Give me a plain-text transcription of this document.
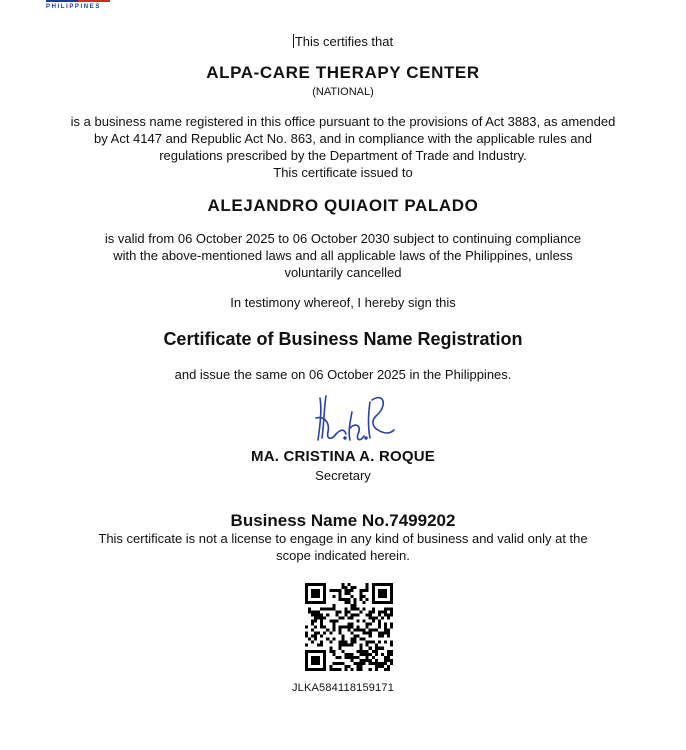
PHILIPPINES
This certifies that
ALPA-CARE THERAPY CENTER
(NATIONAL)
is a business name registered in this office pursuant to the provisions of Act 3883, as amended
by Act 4147 and Republic Act No. 863, and in compliance with the applicable rules and
regulations prescribed by the Department of Trade and Industry.
This certificate issued to
ALEJANDRO QUIAOIT PALADO
is valid from 06 October 2025 to 06 October 2030 subject to continuing compliance
with the above-mentioned laws and all applicable laws of the Philippines, unless
voluntarily cancelled
In testimony whereof, I hereby sign this
Certificate of Business Name Registration
and issue the same on 06 October 2025 in the Philippines.
MA. CRISTINA A. ROQUE
Secretary
Business Name No.7499202
This certificate is not a license to engage in any kind of business and valid only at the
scope indicated herein.
JLKA584118159171
